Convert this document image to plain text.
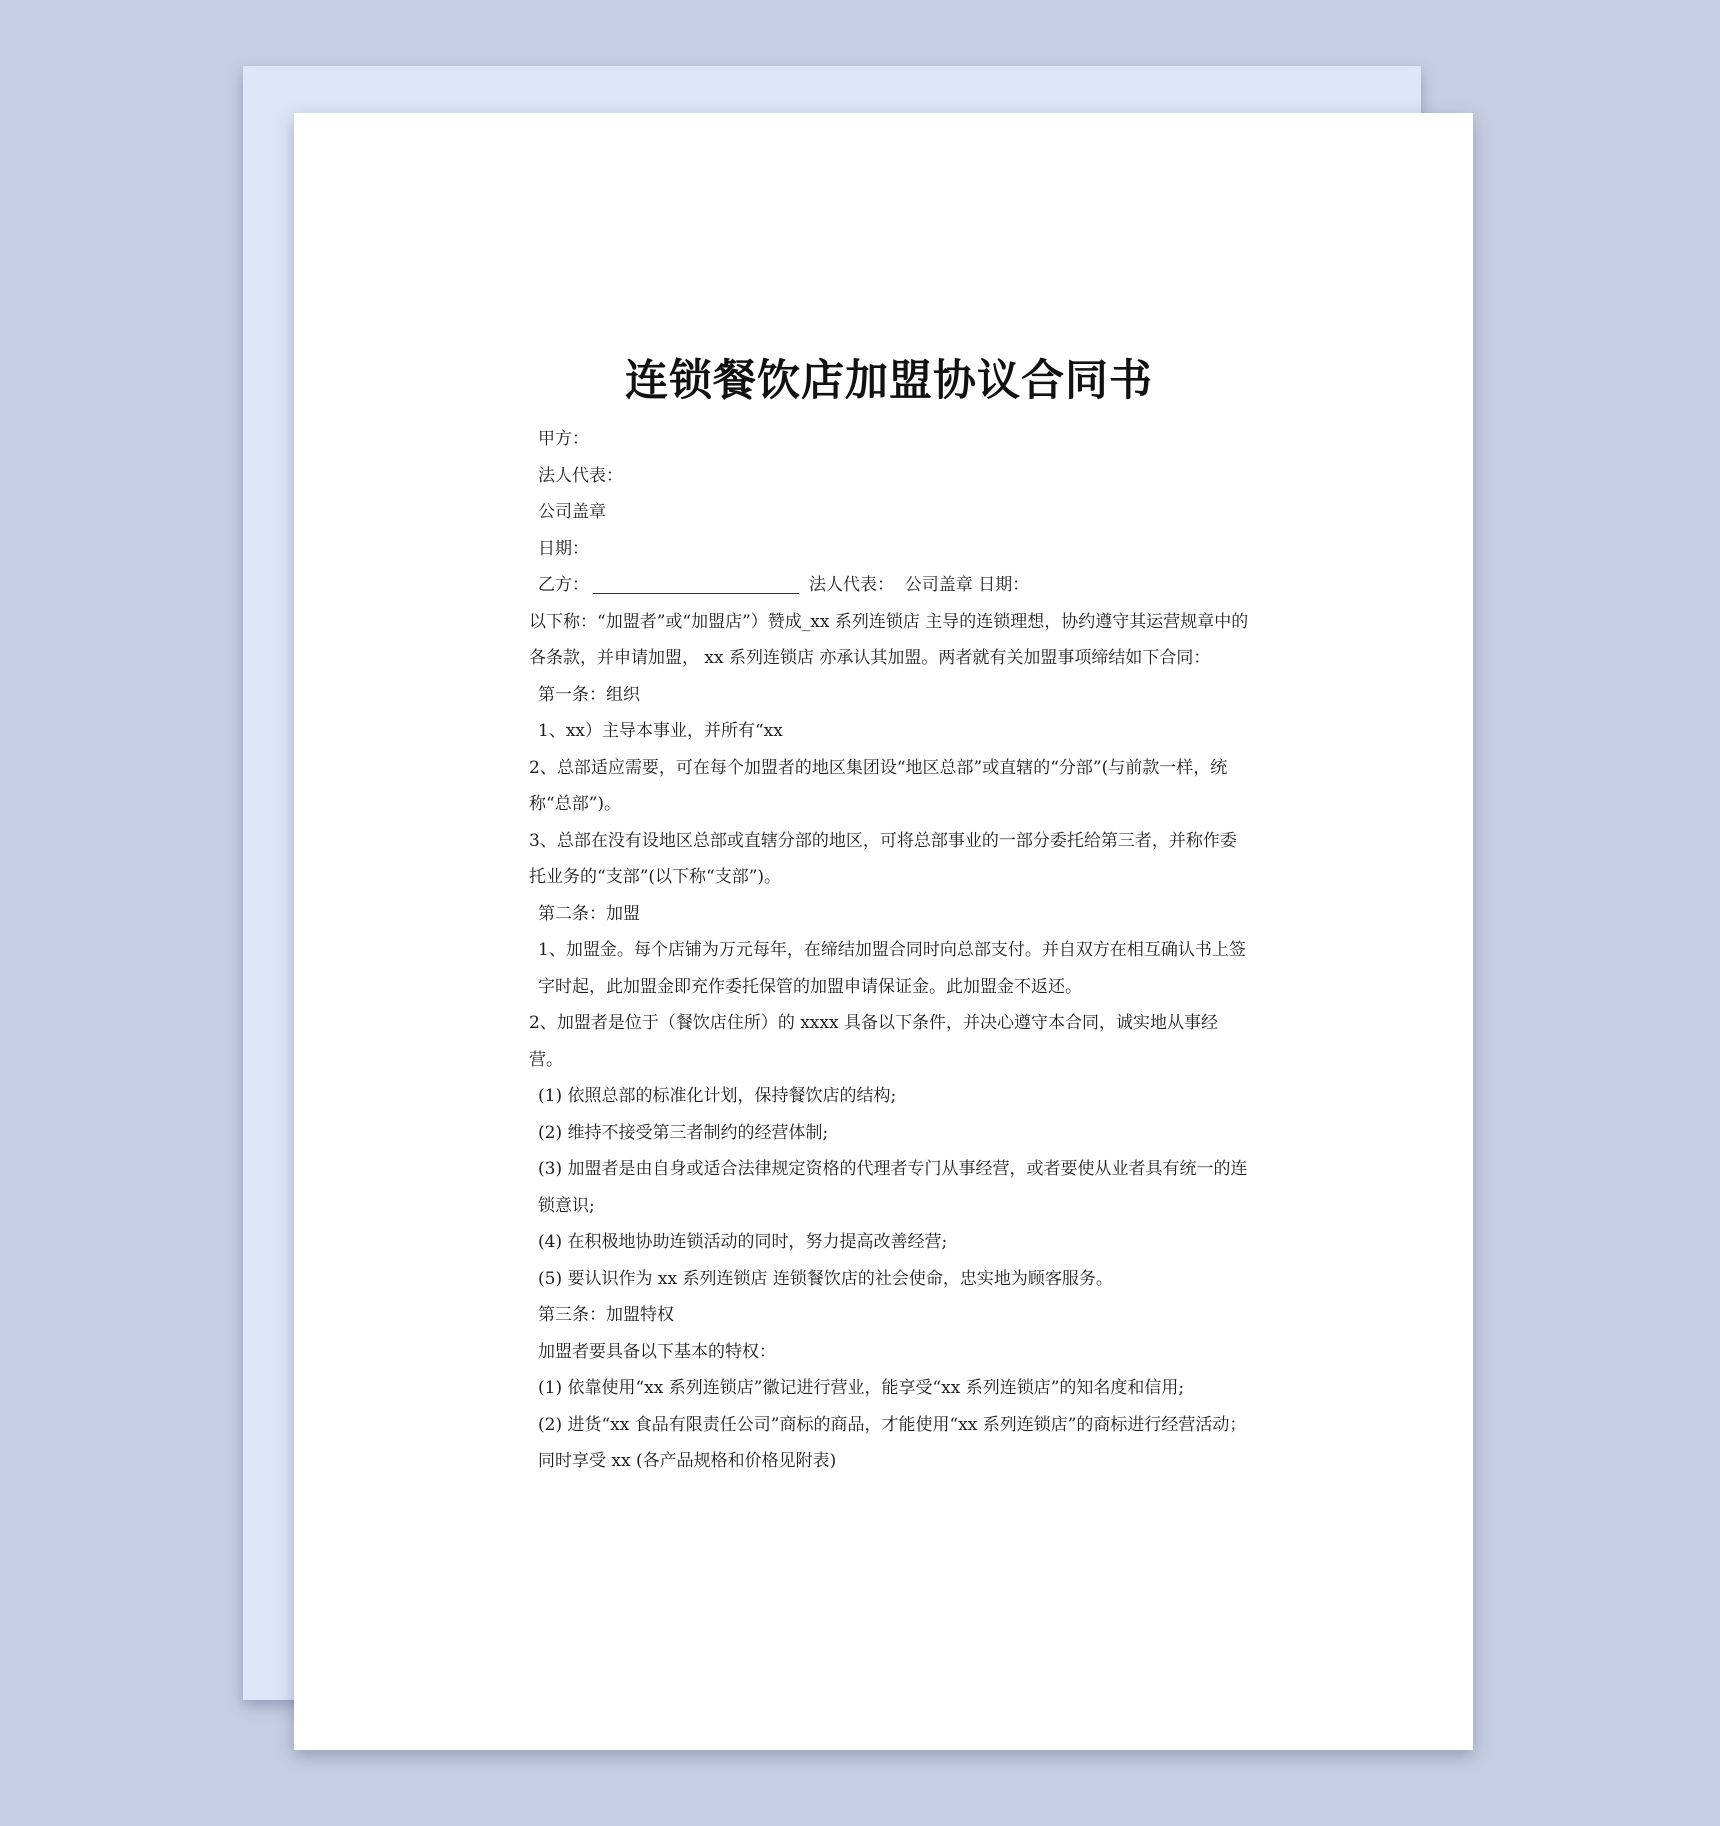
连锁餐饮店加盟协议合同书
甲方：
法人代表：
公司盖章
日期：
乙方：	法人代表：  公司盖章 日期：
以下称：“加盟者”或“加盟店”）赞成_xx 系列连锁店 主导的连锁理想，协约遵守其运营规章中的各条款，并申请加盟， xx 系列连锁店 亦承认其加盟。两者就有关加盟事项缔结如下合同：
第一条：组织
1、xx）主导本事业，并所有“xx
2、总部适应需要，可在每个加盟者的地区集团设“地区总部”或直辖的“分部”(与前款一样，统称“总部”)。
3、总部在没有设地区总部或直辖分部的地区，可将总部事业的一部分委托给第三者，并称作委托业务的“支部”(以下称“支部”)。
第二条：加盟
1、加盟金。每个店铺为万元每年，在缔结加盟合同时向总部支付。并自双方在相互确认书上签字时起，此加盟金即充作委托保管的加盟申请保证金。此加盟金不返还。
2、加盟者是位于（餐饮店住所）的 xxxx 具备以下条件，并决心遵守本合同，诚实地从事经营。
(1) 依照总部的标准化计划，保持餐饮店的结构;
(2) 维持不接受第三者制约的经营体制;
(3) 加盟者是由自身或适合法律规定资格的代理者专门从事经营，或者要使从业者具有统一的连锁意识;
(4) 在积极地协助连锁活动的同时，努力提高改善经营;
(5) 要认识作为 xx 系列连锁店 连锁餐饮店的社会使命，忠实地为顾客服务。
第三条：加盟特权
加盟者要具备以下基本的特权：
(1) 依靠使用“xx 系列连锁店”徽记进行营业，能享受“xx 系列连锁店”的知名度和信用;
(2) 进货“xx 食品有限责任公司”商标的商品，才能使用“xx 系列连锁店”的商标进行经营活动；同时享受 xx (各产品规格和价格见附表)
